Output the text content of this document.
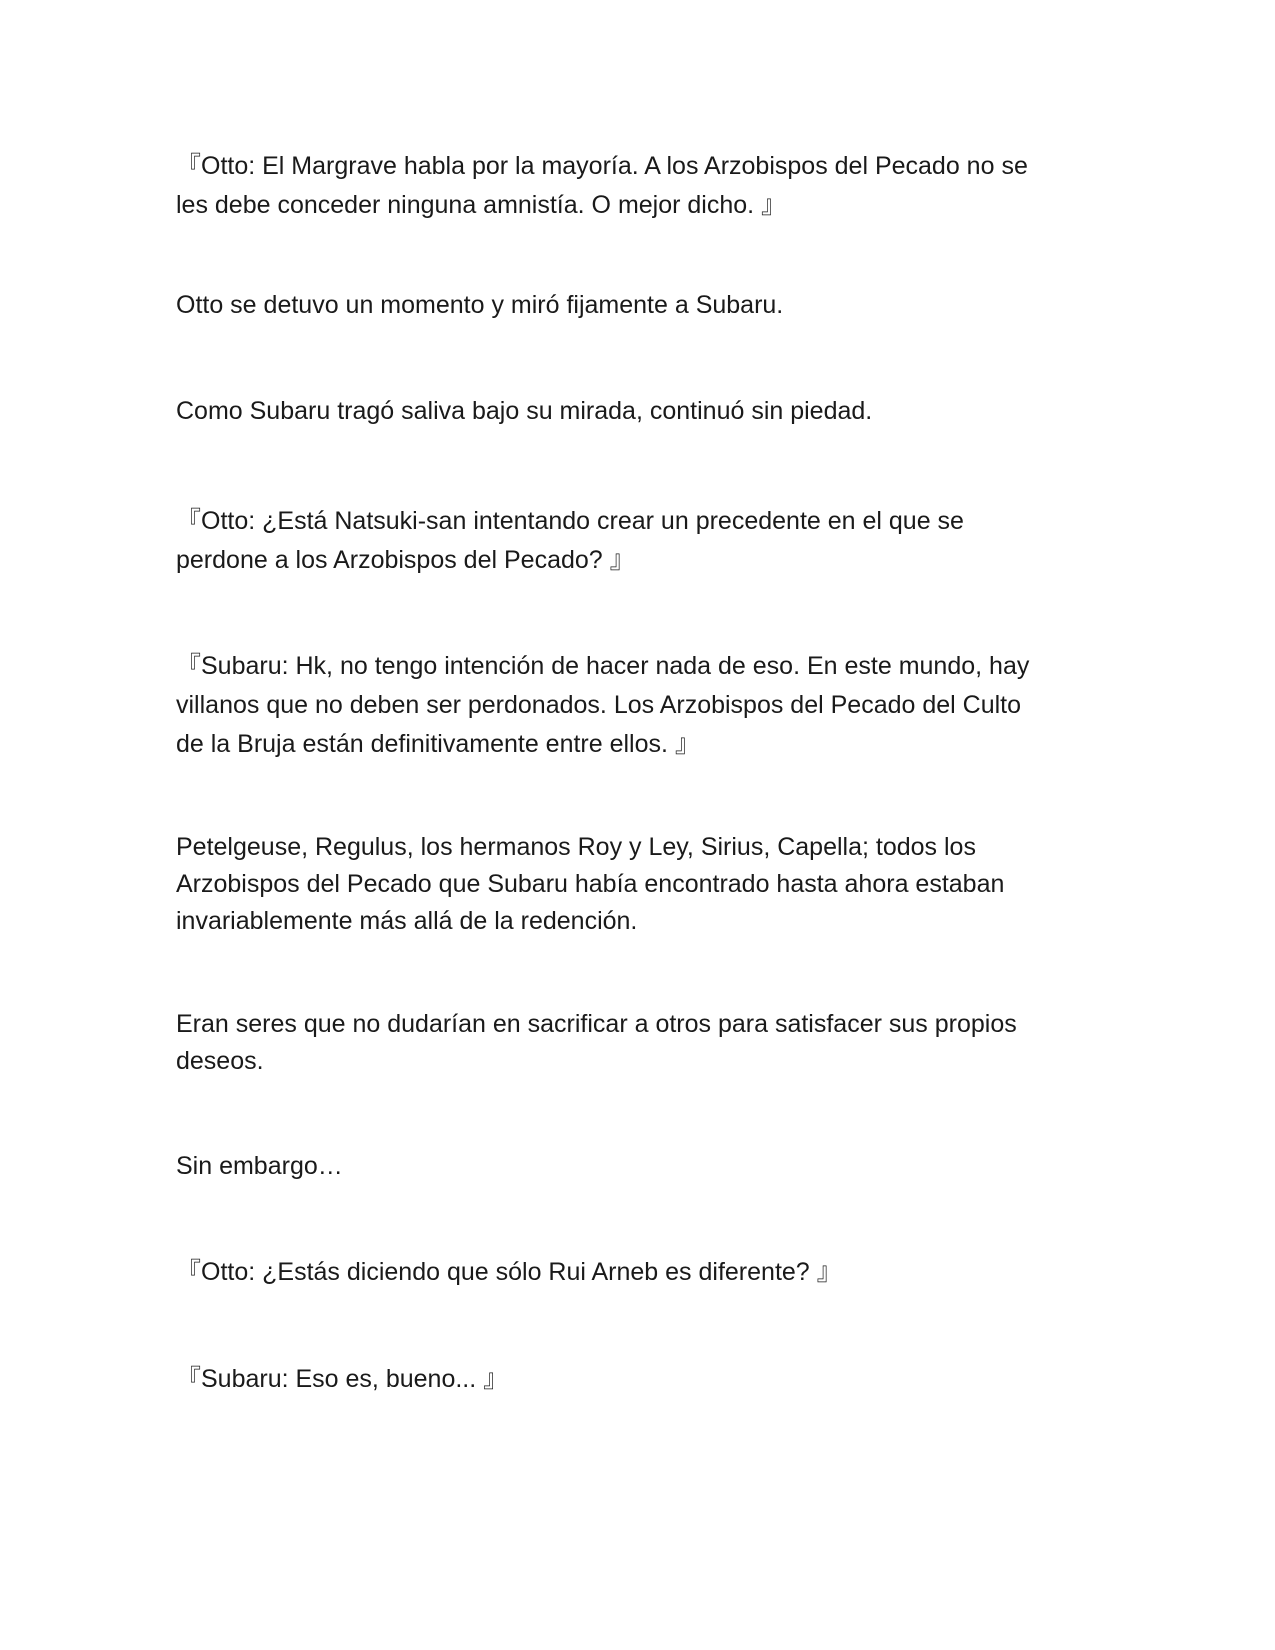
『Otto: El Margrave habla por la mayoría. A los Arzobispos del Pecado no se
les debe conceder ninguna amnistía. O mejor dicho. 』

Otto se detuvo un momento y miró fijamente a Subaru.

Como Subaru tragó saliva bajo su mirada, continuó sin piedad.

『Otto: ¿Está Natsuki-san intentando crear un precedente en el que se
perdone a los Arzobispos del Pecado? 』

『Subaru: Hk, no tengo intención de hacer nada de eso. En este mundo, hay
villanos que no deben ser perdonados. Los Arzobispos del Pecado del Culto
de la Bruja están definitivamente entre ellos. 』

Petelgeuse, Regulus, los hermanos Roy y Ley, Sirius, Capella; todos los
Arzobispos del Pecado que Subaru había encontrado hasta ahora estaban
invariablemente más allá de la redención.

Eran seres que no dudarían en sacrificar a otros para satisfacer sus propios
deseos.

Sin embargo…

『Otto: ¿Estás diciendo que sólo Rui Arneb es diferente? 』

『Subaru: Eso es, bueno... 』
